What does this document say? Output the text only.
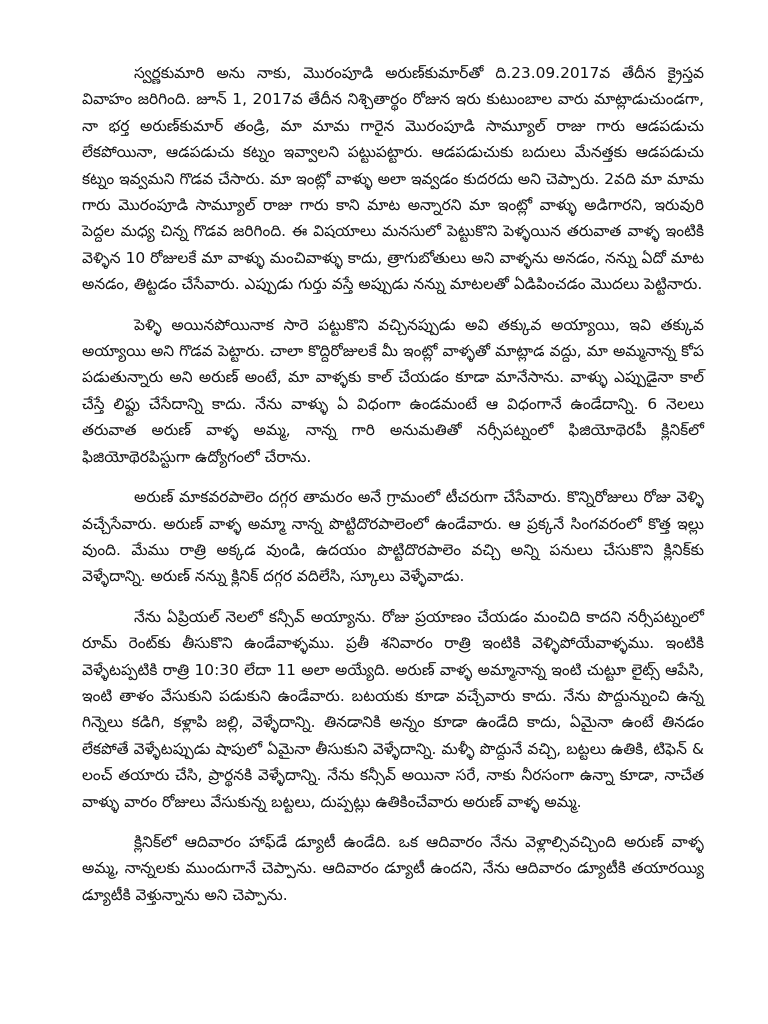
స్వర్ణకుమారి అను నాకు, మొరంపూడి అరుణ్‌కుమార్‌తో ది.23.09.2017వ తేదీన క్రైస్తవ వివాహం జరిగింది. జూన్ 1, 2017వ తేదీన నిశ్చితార్థం రోజున ఇరు కుటుంబాల వారు మాట్లాడుచుండగా, నా భర్త అరుణ్‌కుమార్ తండ్రి, మా మామ గారైన మొరంపూడి సామ్యూల్ రాజు గారు ఆడపడుచు లేకపోయినా, ఆడపడుచు కట్నం ఇవ్వాలని పట్టుపట్టారు. ఆడపడుచుకు బదులు మేనత్తకు ఆడపడుచు కట్నం ఇవ్వమని గొడవ చేసారు. మా ఇంట్లో వాళ్ళు అలా ఇవ్వడం కుదరదు అని చెప్పారు. 2వది మా మామ గారు మొరంపూడి సామ్యూల్ రాజు గారు కాని మాట అన్నారని మా ఇంట్లో వాళ్ళు అడిగారని, ఇరువురి పెద్దల మధ్య చిన్న గొడవ జరిగింది. ఈ విషయాలు మనసులో పెట్టుకొని పెళ్ళయిన తరువాత వాళ్ళ ఇంటికి వెళ్ళిన 10 రోజులకే మా వాళ్ళు మంచివాళ్ళు కాదు, త్రాగుబోతులు అని వాళ్ళను అనడం, నన్ను ఏదో మాట అనడం, తిట్టడం చేసేవారు. ఎప్పుడు గుర్తు వస్తే అప్పుడు నన్ను మాటలతో ఏడిపించడం మొదలు పెట్టినారు.

పెళ్ళి అయినపోయినాక సారె పట్టుకొని వచ్చినప్పుడు అవి తక్కువ అయ్యాయి, ఇవి తక్కువ అయ్యాయి అని గొడవ పెట్టారు. చాలా కొద్దిరోజులకే మీ ఇంట్లో వాళ్ళతో మాట్లాడ వద్దు, మా అమ్మనాన్న కోప పడుతున్నారు అని అరుణ్ అంటే, మా వాళ్ళకు కాల్ చేయడం కూడా మానేసాను. వాళ్ళు ఎప్పుడైనా కాల్ చేస్తే లిఫ్టు చేసేదాన్ని కాదు. నేను వాళ్ళు ఏ విధంగా ఉండమంటే ఆ విధంగానే ఉండేదాన్ని. 6 నెలలు తరువాత అరుణ్ వాళ్ళ అమ్మ, నాన్న గారి అనుమతితో నర్సీపట్నంలో ఫిజియోథెరపీ క్లినిక్‌లో ఫిజియోథెరపిస్టుగా ఉద్యోగంలో చేరాను.

అరుణ్ మాకవరపాలెం దగ్గర తామరం అనే గ్రామంలో టీచరుగా చేసేవారు. కొన్నిరోజులు రోజు వెళ్ళి వచ్చేసేవారు. అరుణ్ వాళ్ళ అమ్మా నాన్న పొట్టిదొరపాలెంలో ఉండేవారు. ఆ ప్రక్కనే సింగవరంలో కొత్త ఇల్లు వుంది. మేము రాత్రి అక్కడ వుండి, ఉదయం పొట్టిదొరపాలెం వచ్చి అన్ని పనులు చేసుకొని క్లినిక్‌కు వెళ్ళేదాన్ని. అరుణ్ నన్ను క్లినిక్ దగ్గర వదిలేసి, స్కూలు వెళ్ళేవాడు.

నేను ఏప్రియల్ నెలలో కన్సీవ్ అయ్యాను. రోజు ప్రయాణం చేయడం మంచిది కాదని నర్సీపట్నంలో రూమ్ రెంట్‌కు తీసుకొని ఉండేవాళ్ళము. ప్రతీ శనివారం రాత్రి ఇంటికి వెళ్ళిపోయేవాళ్ళము. ఇంటికి వెళ్ళేటప్పటికి రాత్రి 10:30 లేదా 11 అలా అయ్యేది. అరుణ్ వాళ్ళ అమ్మానాన్న ఇంటి చుట్టూ లైట్స్ ఆపేసి, ఇంటి తాళం వేసుకుని పడుకుని ఉండేవారు. బటయకు కూడా వచ్చేవారు కాదు. నేను పొద్దున్నుంచి ఉన్న గిన్నెలు కడిగి, కళ్లాపి జల్లి, వెళ్ళేదాన్ని. తినడానికి అన్నం కూడా ఉండేది కాదు, ఏమైనా ఉంటే తినడం లేకపోతే వెళ్ళేటప్పుడు షాపులో ఏమైనా తీసుకుని వెళ్ళేదాన్ని. మళ్ళీ పొద్దునే వచ్చి, బట్టలు ఉతికి, టిఫెన్ & లంచ్ తయారు చేసి, ప్రార్థనకి వెళ్ళేదాన్ని. నేను కన్సీవ్ అయినా సరే, నాకు నీరసంగా ఉన్నా కూడా, నాచేత వాళ్ళు వారం రోజులు వేసుకున్న బట్టలు, దుప్పట్లు ఉతికించేవారు అరుణ్ వాళ్ళ అమ్మ.

క్లినిక్‌లో ఆదివారం హాఫ్‌డే డ్యూటీ ఉండేది. ఒక ఆదివారం నేను వెళ్లాల్సివచ్చింది అరుణ్ వాళ్ళ అమ్మ, నాన్నలకు ముందుగానే చెప్పాను. ఆదివారం డ్యూటీ ఉందని, నేను ఆదివారం డ్యూటీకి తయారయ్యి డ్యూటీకి వెళ్తున్నాను అని చెప్పాను.
